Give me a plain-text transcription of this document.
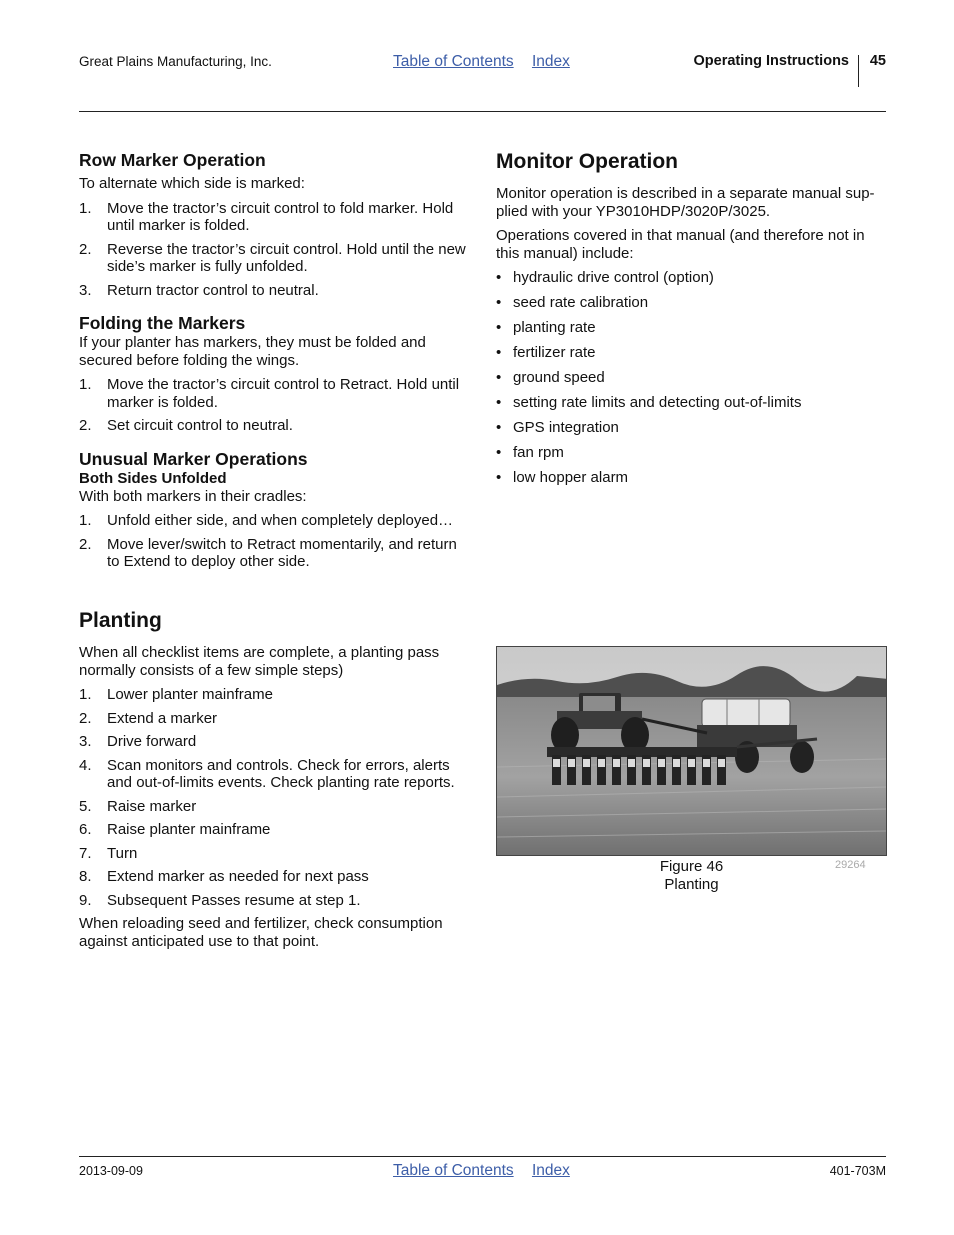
Great Plains Manufacturing, Inc.	Table of Contents Index	Operating Instructions 45
Row Marker Operation

To alternate which side is marked:

1. Move the tractor’s circuit control to fold marker. Hold until marker is folded.
2. Reverse the tractor’s circuit control. Hold until the new side’s marker is fully unfolded.
3. Return tractor control to neutral.
Folding the Markers

If your planter has markers, they must be folded and secured before folding the wings.

1. Move the tractor’s circuit control to Retract. Hold until marker is folded.
2. Set circuit control to neutral.
Unusual Marker Operations
Both Sides Unfolded

With both markers in their cradles:

1. Unfold either side, and when completely deployed…
2. Move lever/switch to Retract momentarily, and return to Extend to deploy other side.
Monitor Operation

Monitor operation is described in a separate manual sup-plied with your YP3010HDP/3020P/3025.

Operations covered in that manual (and therefore not in this manual) include:

• hydraulic drive control (option)
• seed rate calibration
• planting rate
• fertilizer rate
• ground speed
• setting rate limits and detecting out-of-limits
• GPS integration
• fan rpm
• low hopper alarm
Planting

When all checklist items are complete, a planting pass normally consists of a few simple steps)

1. Lower planter mainframe
2. Extend a marker
3. Drive forward
4. Scan monitors and controls. Check for errors, alerts and out-of-limits events. Check planting rate reports.
5. Raise marker
6. Raise planter mainframe
7. Turn
8. Extend marker as needed for next pass
9. Subsequent Passes resume at step 1.

When reloading seed and fertilizer, check consumption against anticipated use to that point.

Figure 46
Planting
29264
2013-09-09	Table of Contents Index	401-703M
